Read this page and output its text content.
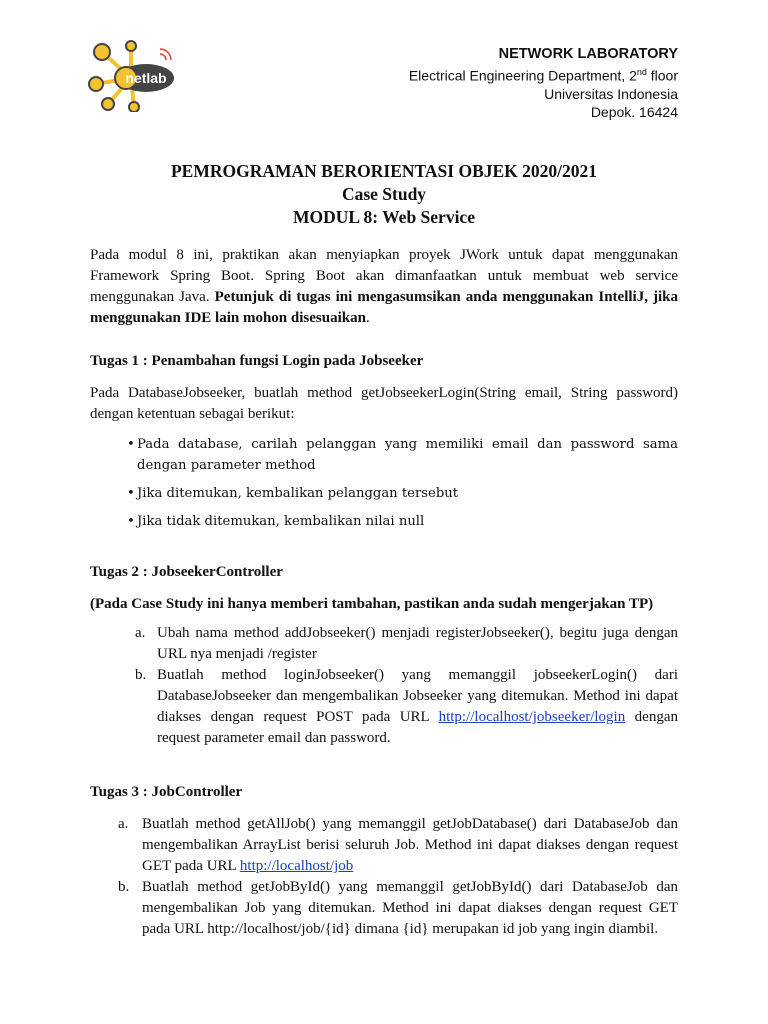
netlab
NETWORK LABORATORY
Electrical Engineering Department, 2nd floor
Universitas Indonesia
Depok. 16424
PEMROGRAMAN BERORIENTASI OBJEK 2020/2021
Case Study
MODUL 8: Web Service

Pada modul 8 ini, praktikan akan menyiapkan proyek JWork untuk dapat menggunakan Framework Spring Boot. Spring Boot akan dimanfaatkan untuk membuat web service menggunakan Java. Petunjuk di tugas ini mengasumsikan anda menggunakan IntelliJ, jika menggunakan IDE lain mohon disesuaikan.

Tugas 1 : Penambahan fungsi Login pada Jobseeker

Pada DatabaseJobseeker, buatlah method getJobseekerLogin(String email, String password) dengan ketentuan sebagai berikut:

• Pada database, carilah pelanggan yang memiliki email dan password sama dengan parameter method
• Jika ditemukan, kembalikan pelanggan tersebut
• Jika tidak ditemukan, kembalikan nilai null
Tugas 2 : JobseekerController
(Pada Case Study ini hanya memberi tambahan, pastikan anda sudah mengerjakan TP)
a. Ubah nama method addJobseeker() menjadi registerJobseeker(), begitu juga dengan URL nya menjadi /register
b. Buatlah method loginJobseeker() yang memanggil jobseekerLogin() dari DatabaseJobseeker dan mengembalikan Jobseeker yang ditemukan. Method ini dapat diakses dengan request POST pada URL http://localhost/jobseeker/login dengan request parameter email dan password.
Tugas 3 : JobController
a. Buatlah method getAllJob() yang memanggil getJobDatabase() dari DatabaseJob dan mengembalikan ArrayList berisi seluruh Job. Method ini dapat diakses dengan request GET pada URL http://localhost/job
b. Buatlah method getJobById() yang memanggil getJobById() dari DatabaseJob dan mengembalikan Job yang ditemukan. Method ini dapat diakses dengan request GET pada URL http://localhost/job/{id} dimana {id} merupakan id job yang ingin diambil.
